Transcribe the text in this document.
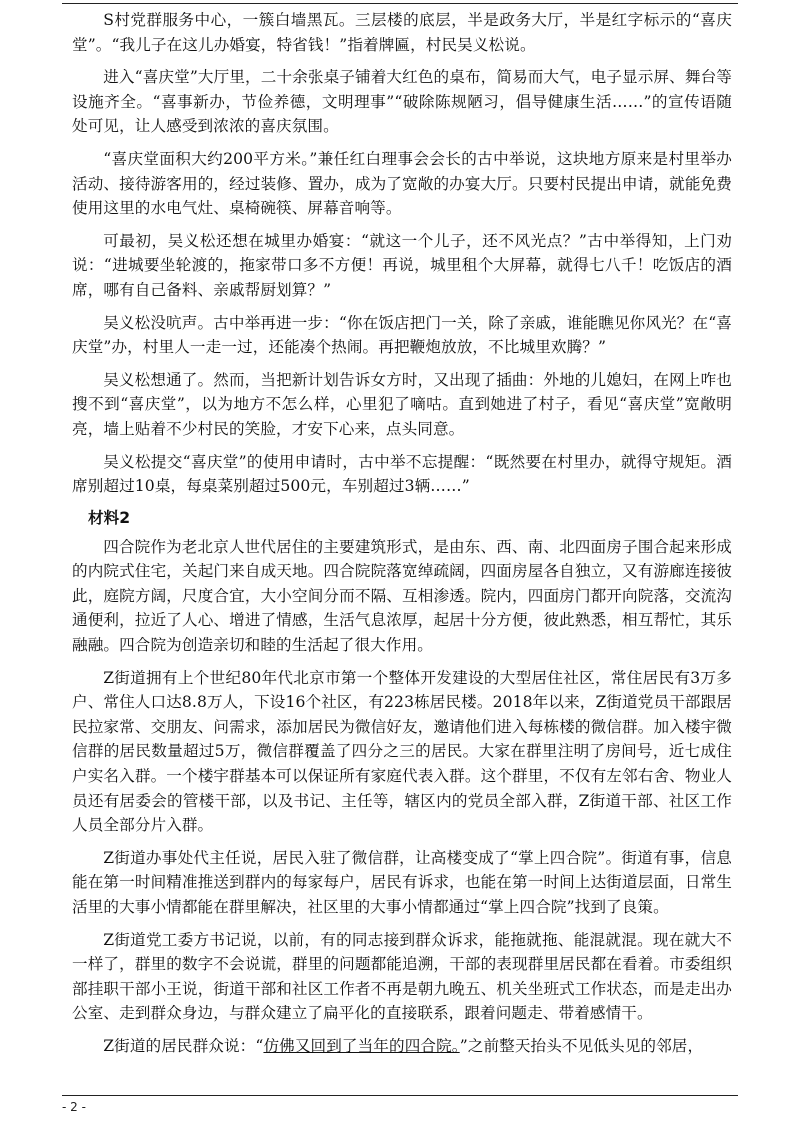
S村党群服务中心，一簇白墙黑瓦。三层楼的底层，半是政务大厅，半是红字标示的“喜庆堂”。“我儿子在这儿办婚宴，特省钱！”指着牌匾，村民吴义松说。

进入“喜庆堂”大厅里，二十余张桌子铺着大红色的桌布，简易而大气，电子显示屏、舞台等设施齐全。“喜事新办，节俭养德，文明理事”“破除陈规陋习，倡导健康生活……”的宣传语随处可见，让人感受到浓浓的喜庆氛围。

“喜庆堂面积大约200平方米。”兼任红白理事会会长的古中举说，这块地方原来是村里举办活动、接待游客用的，经过装修、置办，成为了宽敞的办宴大厅。只要村民提出申请，就能免费使用这里的水电气灶、桌椅碗筷、屏幕音响等。

可最初，吴义松还想在城里办婚宴：“就这一个儿子，还不风光点？”古中举得知，上门劝说：“进城要坐轮渡的，拖家带口多不方便！再说，城里租个大屏幕，就得七八千！吃饭店的酒席，哪有自己备料、亲戚帮厨划算？”

吴义松没吭声。古中举再进一步：“你在饭店把门一关，除了亲戚，谁能瞧见你风光？在“喜庆堂”办，村里人一走一过，还能凑个热闹。再把鞭炮放放，不比城里欢腾？”

吴义松想通了。然而，当把新计划告诉女方时，又出现了插曲：外地的儿媳妇，在网上咋也搜不到“喜庆堂”，以为地方不怎么样，心里犯了嘀咕。直到她进了村子，看见“喜庆堂”宽敞明亮，墙上贴着不少村民的笑脸，才安下心来，点头同意。

吴义松提交“喜庆堂”的使用申请时，古中举不忘提醒：“既然要在村里办，就得守规矩。酒席别超过10桌，每桌菜别超过500元，车别超过3辆……”

材料2

四合院作为老北京人世代居住的主要建筑形式，是由东、西、南、北四面房子围合起来形成的内院式住宅，关起门来自成天地。四合院院落宽绰疏阔，四面房屋各自独立，又有游廊连接彼此，庭院方阔，尺度合宜，大小空间分而不隔、互相渗透。院内，四面房门都开向院落，交流沟通便利，拉近了人心、增进了情感，生活气息浓厚，起居十分方便，彼此熟悉，相互帮忙，其乐融融。四合院为创造亲切和睦的生活起了很大作用。

Z街道拥有上个世纪80年代北京市第一个整体开发建设的大型居住社区，常住居民有3万多户、常住人口达8.8万人，下设16个社区，有223栋居民楼。2018年以来，Z街道党员干部跟居民拉家常、交朋友、问需求，添加居民为微信好友，邀请他们进入每栋楼的微信群。加入楼宇微信群的居民数量超过5万，微信群覆盖了四分之三的居民。大家在群里注明了房间号，近七成住户实名入群。一个楼宇群基本可以保证所有家庭代表入群。这个群里，不仅有左邻右舍、物业人员还有居委会的管楼干部，以及书记、主任等，辖区内的党员全部入群，Z街道干部、社区工作人员全部分片入群。

Z街道办事处代主任说，居民入驻了微信群，让高楼变成了“掌上四合院”。街道有事，信息能在第一时间精准推送到群内的每家每户，居民有诉求，也能在第一时间上达街道层面，日常生活里的大事小情都能在群里解决，社区里的大事小情都通过“掌上四合院”找到了良策。

Z街道党工委方书记说，以前，有的同志接到群众诉求，能拖就拖、能混就混。现在就大不一样了，群里的数字不会说谎，群里的问题都能追溯，干部的表现群里居民都在看着。市委组织部挂职干部小王说，街道干部和社区工作者不再是朝九晚五、机关坐班式工作状态，而是走出办公室、走到群众身边，与群众建立了扁平化的直接联系，跟着问题走、带着感情干。

Z街道的居民群众说：“仿佛又回到了当年的四合院。”之前整天抬头不见低头见的邻居，

- 2 -
